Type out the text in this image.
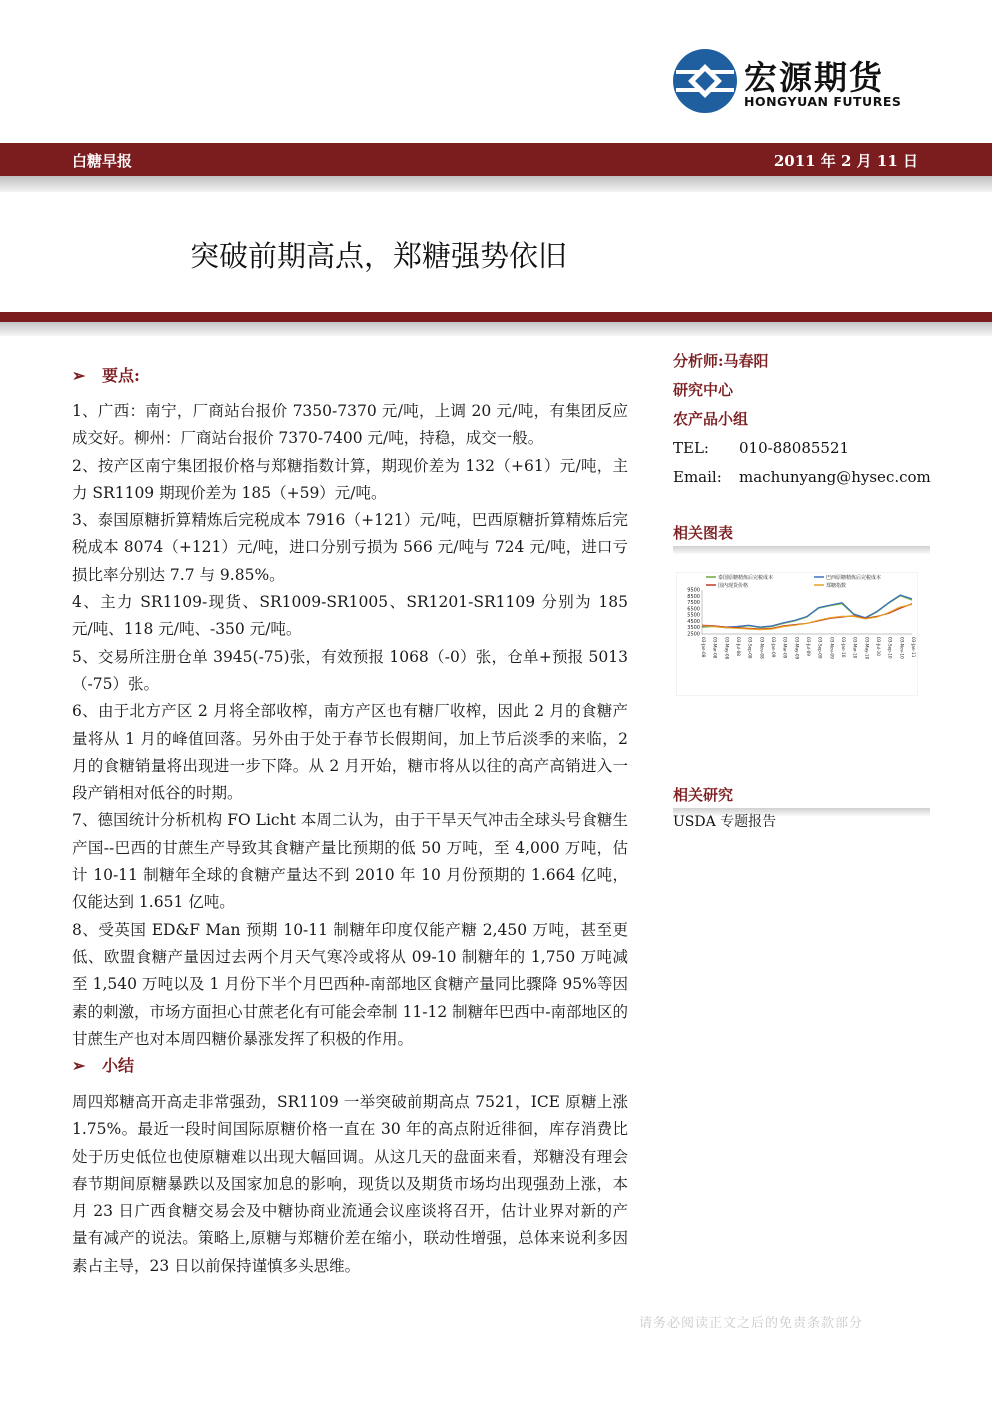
宏源期货
HONGYUAN FUTURES
白糖早报	2011 年 2 月 11 日
突破前期高点，郑糖强势依旧
➢ 要点:

1、广西：南宁，厂商站台报价 7350-7370 元/吨，上调 20 元/吨，有集团反应成交好。柳州：厂商站台报价 7370-7400 元/吨，持稳，成交一般。

2、按产区南宁集团报价格与郑糖指数计算，期现价差为 132（+61）元/吨，主力 SR1109 期现价差为 185（+59）元/吨。

3、泰国原糖折算精炼后完税成本 7916（+121）元/吨，巴西原糖折算精炼后完税成本 8074（+121）元/吨，进口分别亏损为 566 元/吨与 724 元/吨，进口亏损比率分别达 7.7 与 9.85%。

4、主力 SR1109-现货、SR1009-SR1005、SR1201-SR1109 分别为 185 元/吨、118 元/吨、-350 元/吨。

5、交易所注册仓单 3945(-75)张，有效预报 1068（-0）张，仓单+预报 5013（-75）张。

6、由于北方产区 2 月将全部收榨，南方产区也有糖厂收榨，因此 2 月的食糖产量将从 1 月的峰值回落。另外由于处于春节长假期间，加上节后淡季的来临，2 月的食糖销量将出现进一步下降。从 2 月开始，糖市将从以往的高产高销进入一段产销相对低谷的时期。

7、德国统计分析机构 FO Licht 本周二认为，由于干旱天气冲击全球头号食糖生产国--巴西的甘蔗生产导致其食糖产量比预期的低 50 万吨，至 4,000 万吨，估计 10-11 制糖年全球的食糖产量达不到 2010 年 10 月份预期的 1.664 亿吨，仅能达到 1.651 亿吨。

8、受英国 ED&F Man 预期 10-11 制糖年印度仅能产糖 2,450 万吨，甚至更低、欧盟食糖产量因过去两个月天气寒冷或将从 09-10 制糖年的 1,750 万吨减至 1,540 万吨以及 1 月份下半个月巴西种-南部地区食糖产量同比骤降 95%等因素的刺激，市场方面担心甘蔗老化有可能会牵制 11-12 制糖年巴西中-南部地区的甘蔗生产也对本周四糖价暴涨发挥了积极的作用。

➢ 小结

周四郑糖高开高走非常强劲，SR1109 一举突破前期高点 7521，ICE 原糖上涨 1.75%。最近一段时间国际原糖价格一直在 30 年的高点附近徘徊，库存消费比处于历史低位也使原糖难以出现大幅回调。从这几天的盘面来看，郑糖没有理会春节期间原糖暴跌以及国家加息的影响，现货以及期货市场均出现强劲上涨，本月 23 日广西食糖交易会及中糖协商业流通会议座谈将召开，估计业界对新的产量有减产的说法。策略上,原糖与郑糖价差在缩小，联动性增强，总体来说利多因素占主导，23 日以前保持谨慎多头思维。

分析师:马春阳
研究中心
农产品小组
TEL: 010-88085521
Email: machunyang@hysec.com
相关图表
泰国原糖精炼后完税成本	巴西原糖精炼后完税成本
国内现货价格	郑糖指数
9500
8500
7500
6500
5500
4500
3500
2500
03-Jan-08 03-Mar-08 03-May-08 03-Jul-08 03-Sep-08 03-Nov-08 03-Jan-09 03-Mar-09 03-May-09 03-Jul-09 03-Sep-09 03-Nov-09 03-Jan-10 03-Mar-10 03-May-10 03-Jul-10 03-Sep-10 03-Nov-10 03-Jan-11
相关研究
USDA 专题报告
请务必阅读正文之后的免责条款部分
